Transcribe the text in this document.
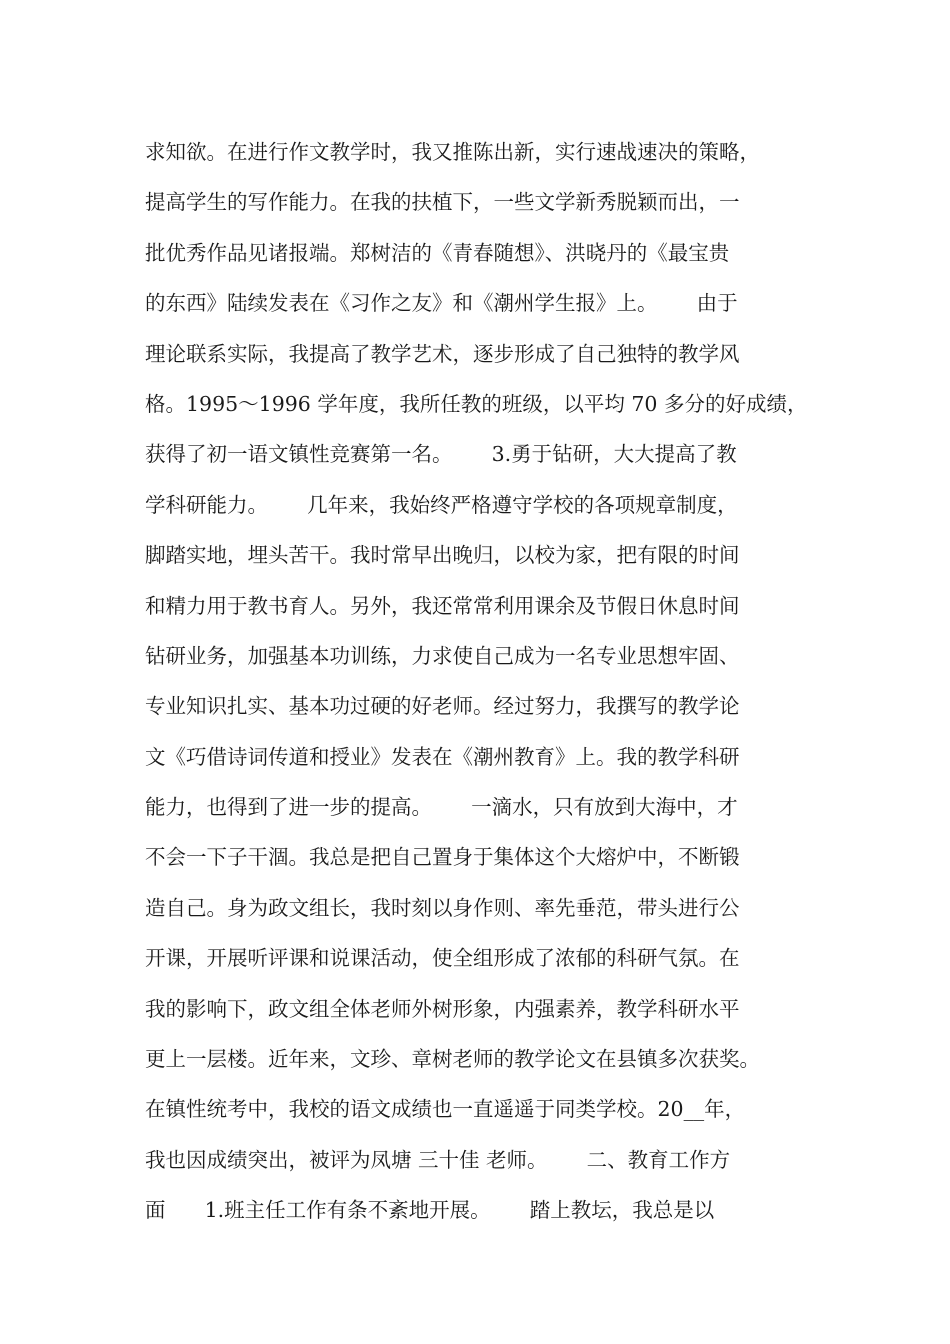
求知欲。在进行作文教学时，我又推陈出新，实行速战速决的策略，
提高学生的写作能力。在我的扶植下，一些文学新秀脱颖而出，一
批优秀作品见诸报端。郑树洁的《青春随想》、洪晓丹的《最宝贵
的东西》陆续发表在《习作之友》和《潮州学生报》上。      由于
理论联系实际，我提高了教学艺术，逐步形成了自己独特的教学风
格。1995～1996 学年度，我所任教的班级，以平均 70 多分的好成绩，
获得了初一语文镇性竞赛第一名。      3.勇于钻研，大大提高了教
学科研能力。      几年来，我始终严格遵守学校的各项规章制度，
脚踏实地，埋头苦干。我时常早出晚归，以校为家，把有限的时间
和精力用于教书育人。另外，我还常常利用课余及节假日休息时间
钻研业务，加强基本功训练，力求使自己成为一名专业思想牢固、
专业知识扎实、基本功过硬的好老师。经过努力，我撰写的教学论
文《巧借诗词传道和授业》发表在《潮州教育》上。我的教学科研
能力，也得到了进一步的提高。      一滴水，只有放到大海中，才
不会一下子干涸。我总是把自己置身于集体这个大熔炉中，不断锻
造自己。身为政文组长，我时刻以身作则、率先垂范，带头进行公
开课，开展听评课和说课活动，使全组形成了浓郁的科研气氛。在
我的影响下，政文组全体老师外树形象，内强素养，教学科研水平
更上一层楼。近年来，文珍、章树老师的教学论文在县镇多次获奖。
在镇性统考中，我校的语文成绩也一直遥遥于同类学校。20__年，
我也因成绩突出，被评为凤塘 三十佳 老师。      二、教育工作方
面      1.班主任工作有条不紊地开展。      踏上教坛，我总是以
